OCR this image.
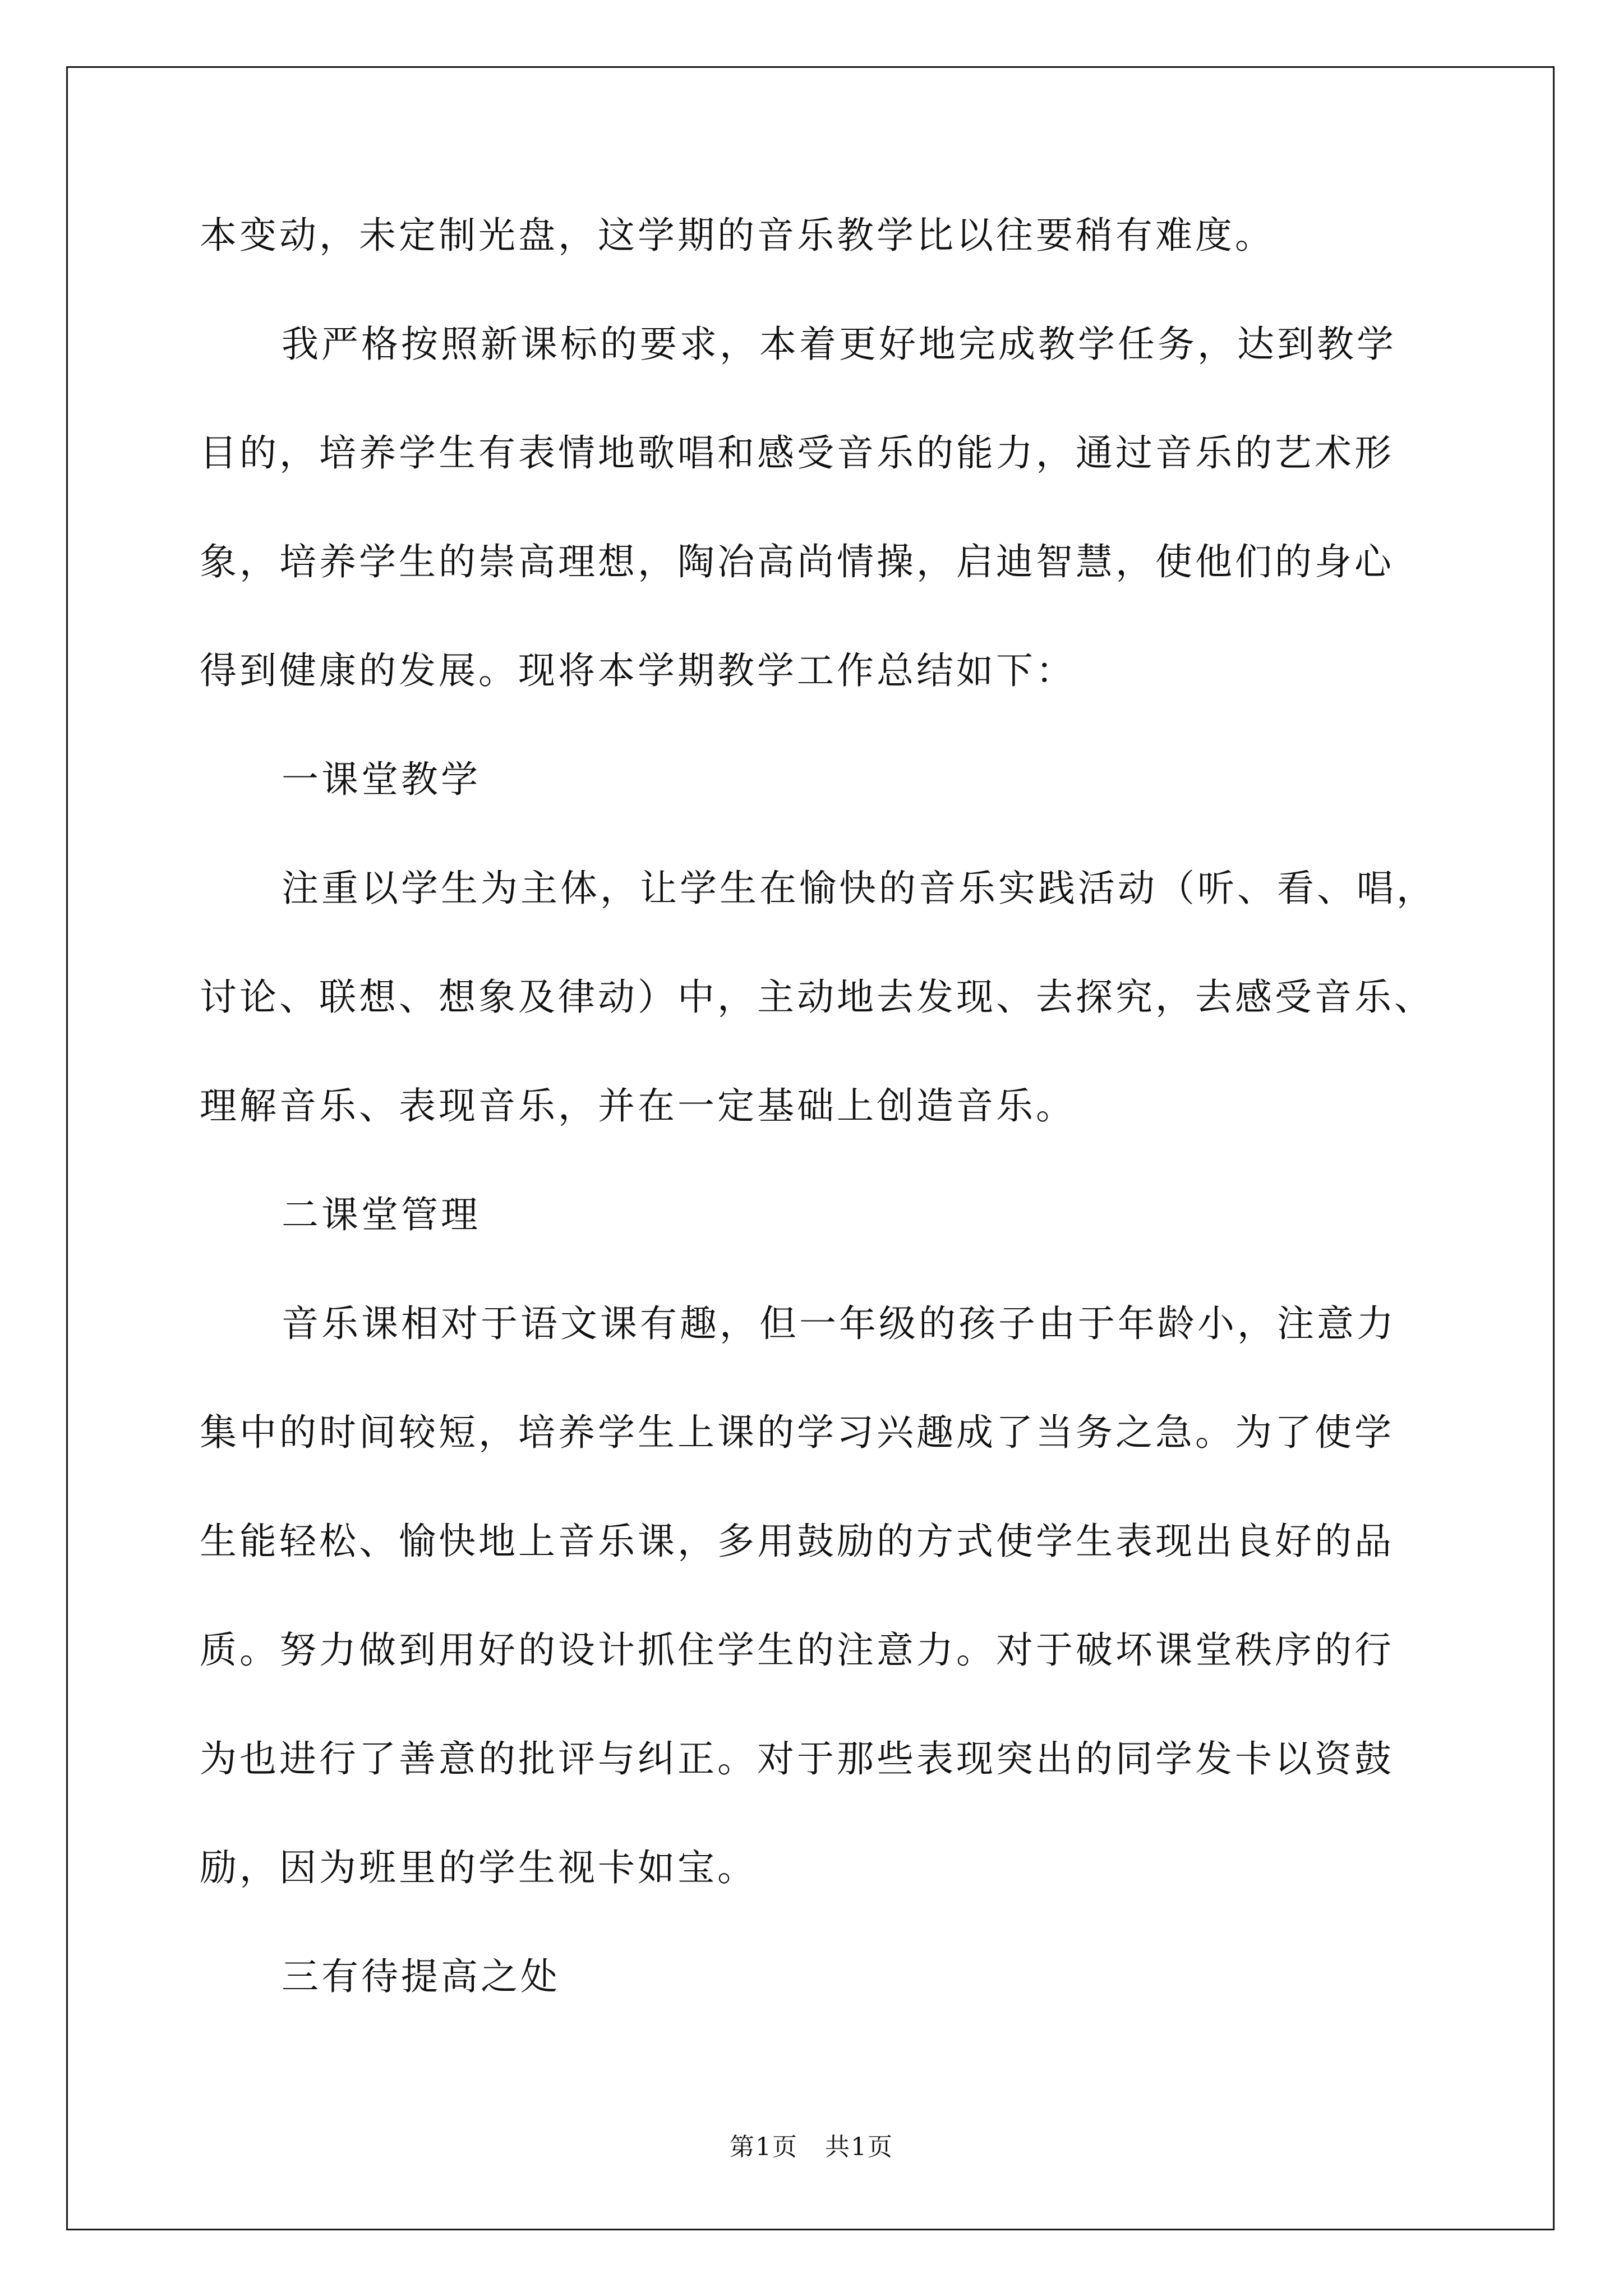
本变动，未定制光盘，这学期的音乐教学比以往要稍有难度。
我严格按照新课标的要求，本着更好地完成教学任务，达到教学
目的，培养学生有表情地歌唱和感受音乐的能力，通过音乐的艺术形
象，培养学生的崇高理想，陶冶高尚情操，启迪智慧，使他们的身心
得到健康的发展。现将本学期教学工作总结如下：
一课堂教学
注重以学生为主体，让学生在愉快的音乐实践活动（听、看、唱，
讨论、联想、想象及律动）中，主动地去发现、去探究，去感受音乐、
理解音乐、表现音乐，并在一定基础上创造音乐。
二课堂管理
音乐课相对于语文课有趣，但一年级的孩子由于年龄小，注意力
集中的时间较短，培养学生上课的学习兴趣成了当务之急。为了使学
生能轻松、愉快地上音乐课，多用鼓励的方式使学生表现出良好的品
质。努力做到用好的设计抓住学生的注意力。对于破坏课堂秩序的行
为也进行了善意的批评与纠正。对于那些表现突出的同学发卡以资鼓
励，因为班里的学生视卡如宝。
三有待提高之处
第1页 共1页
